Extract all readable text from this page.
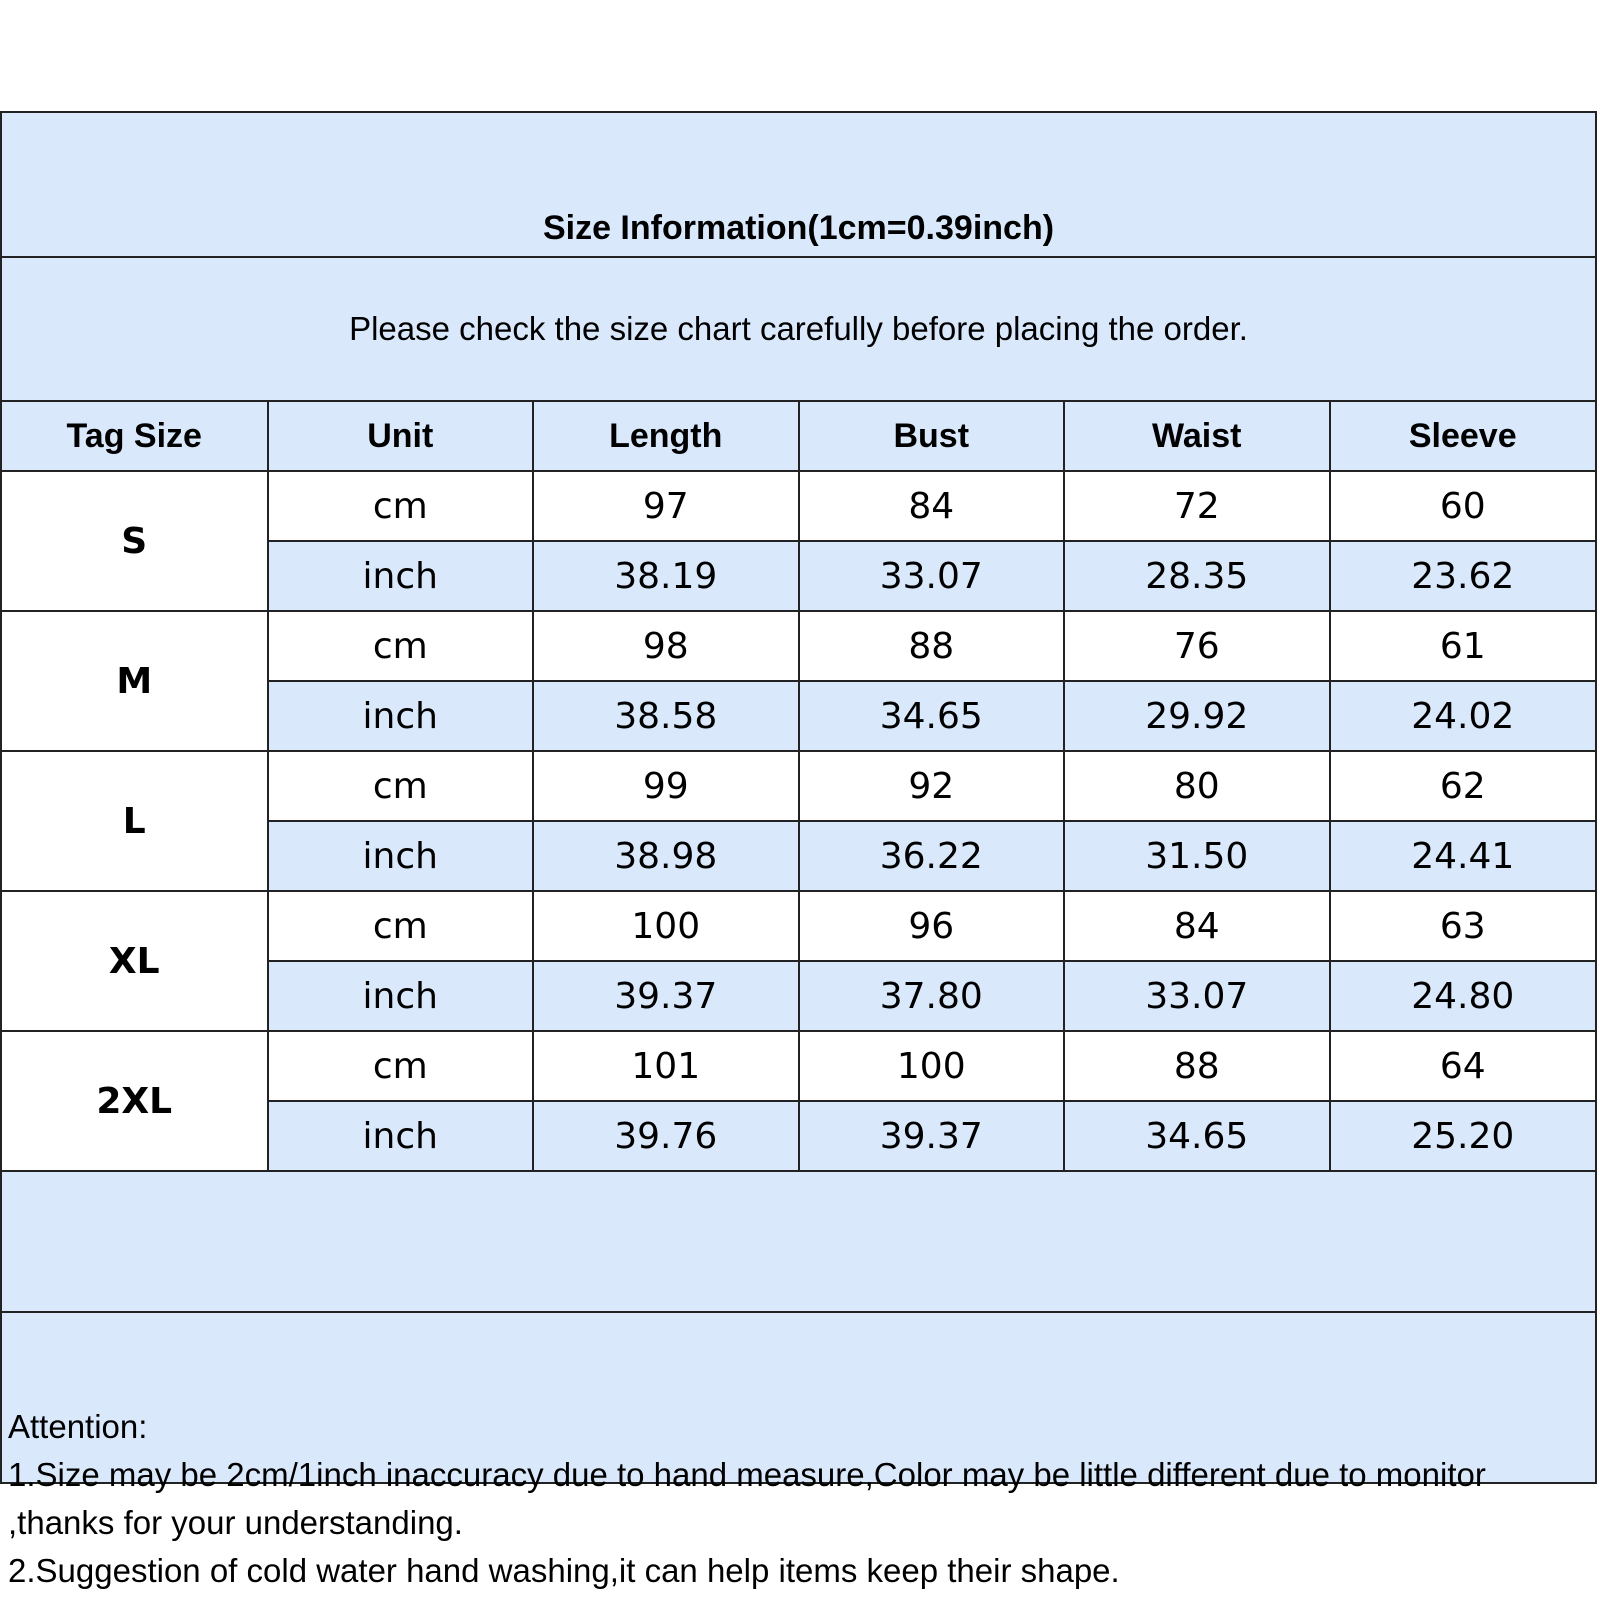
Size Information(1cm=0.39inch)
Please check the size chart carefully before placing the order.
Tag Size	Unit	Length	Bust	Waist	Sleeve
S	cm	97	84	72	60
	inch	38.19	33.07	28.35	23.62
M	cm	98	88	76	61
	inch	38.58	34.65	29.92	24.02
L	cm	99	92	80	62
	inch	38.98	36.22	31.50	24.41
XL	cm	100	96	84	63
	inch	39.37	37.80	33.07	24.80
2XL	cm	101	100	88	64
	inch	39.76	39.37	34.65	25.20
Attention:
1.Size may be 2cm/1inch inaccuracy due to hand measure,Color may be little different due to monitor ,thanks for your understanding.
2.Suggestion of cold water hand washing,it can help items keep their shape.
